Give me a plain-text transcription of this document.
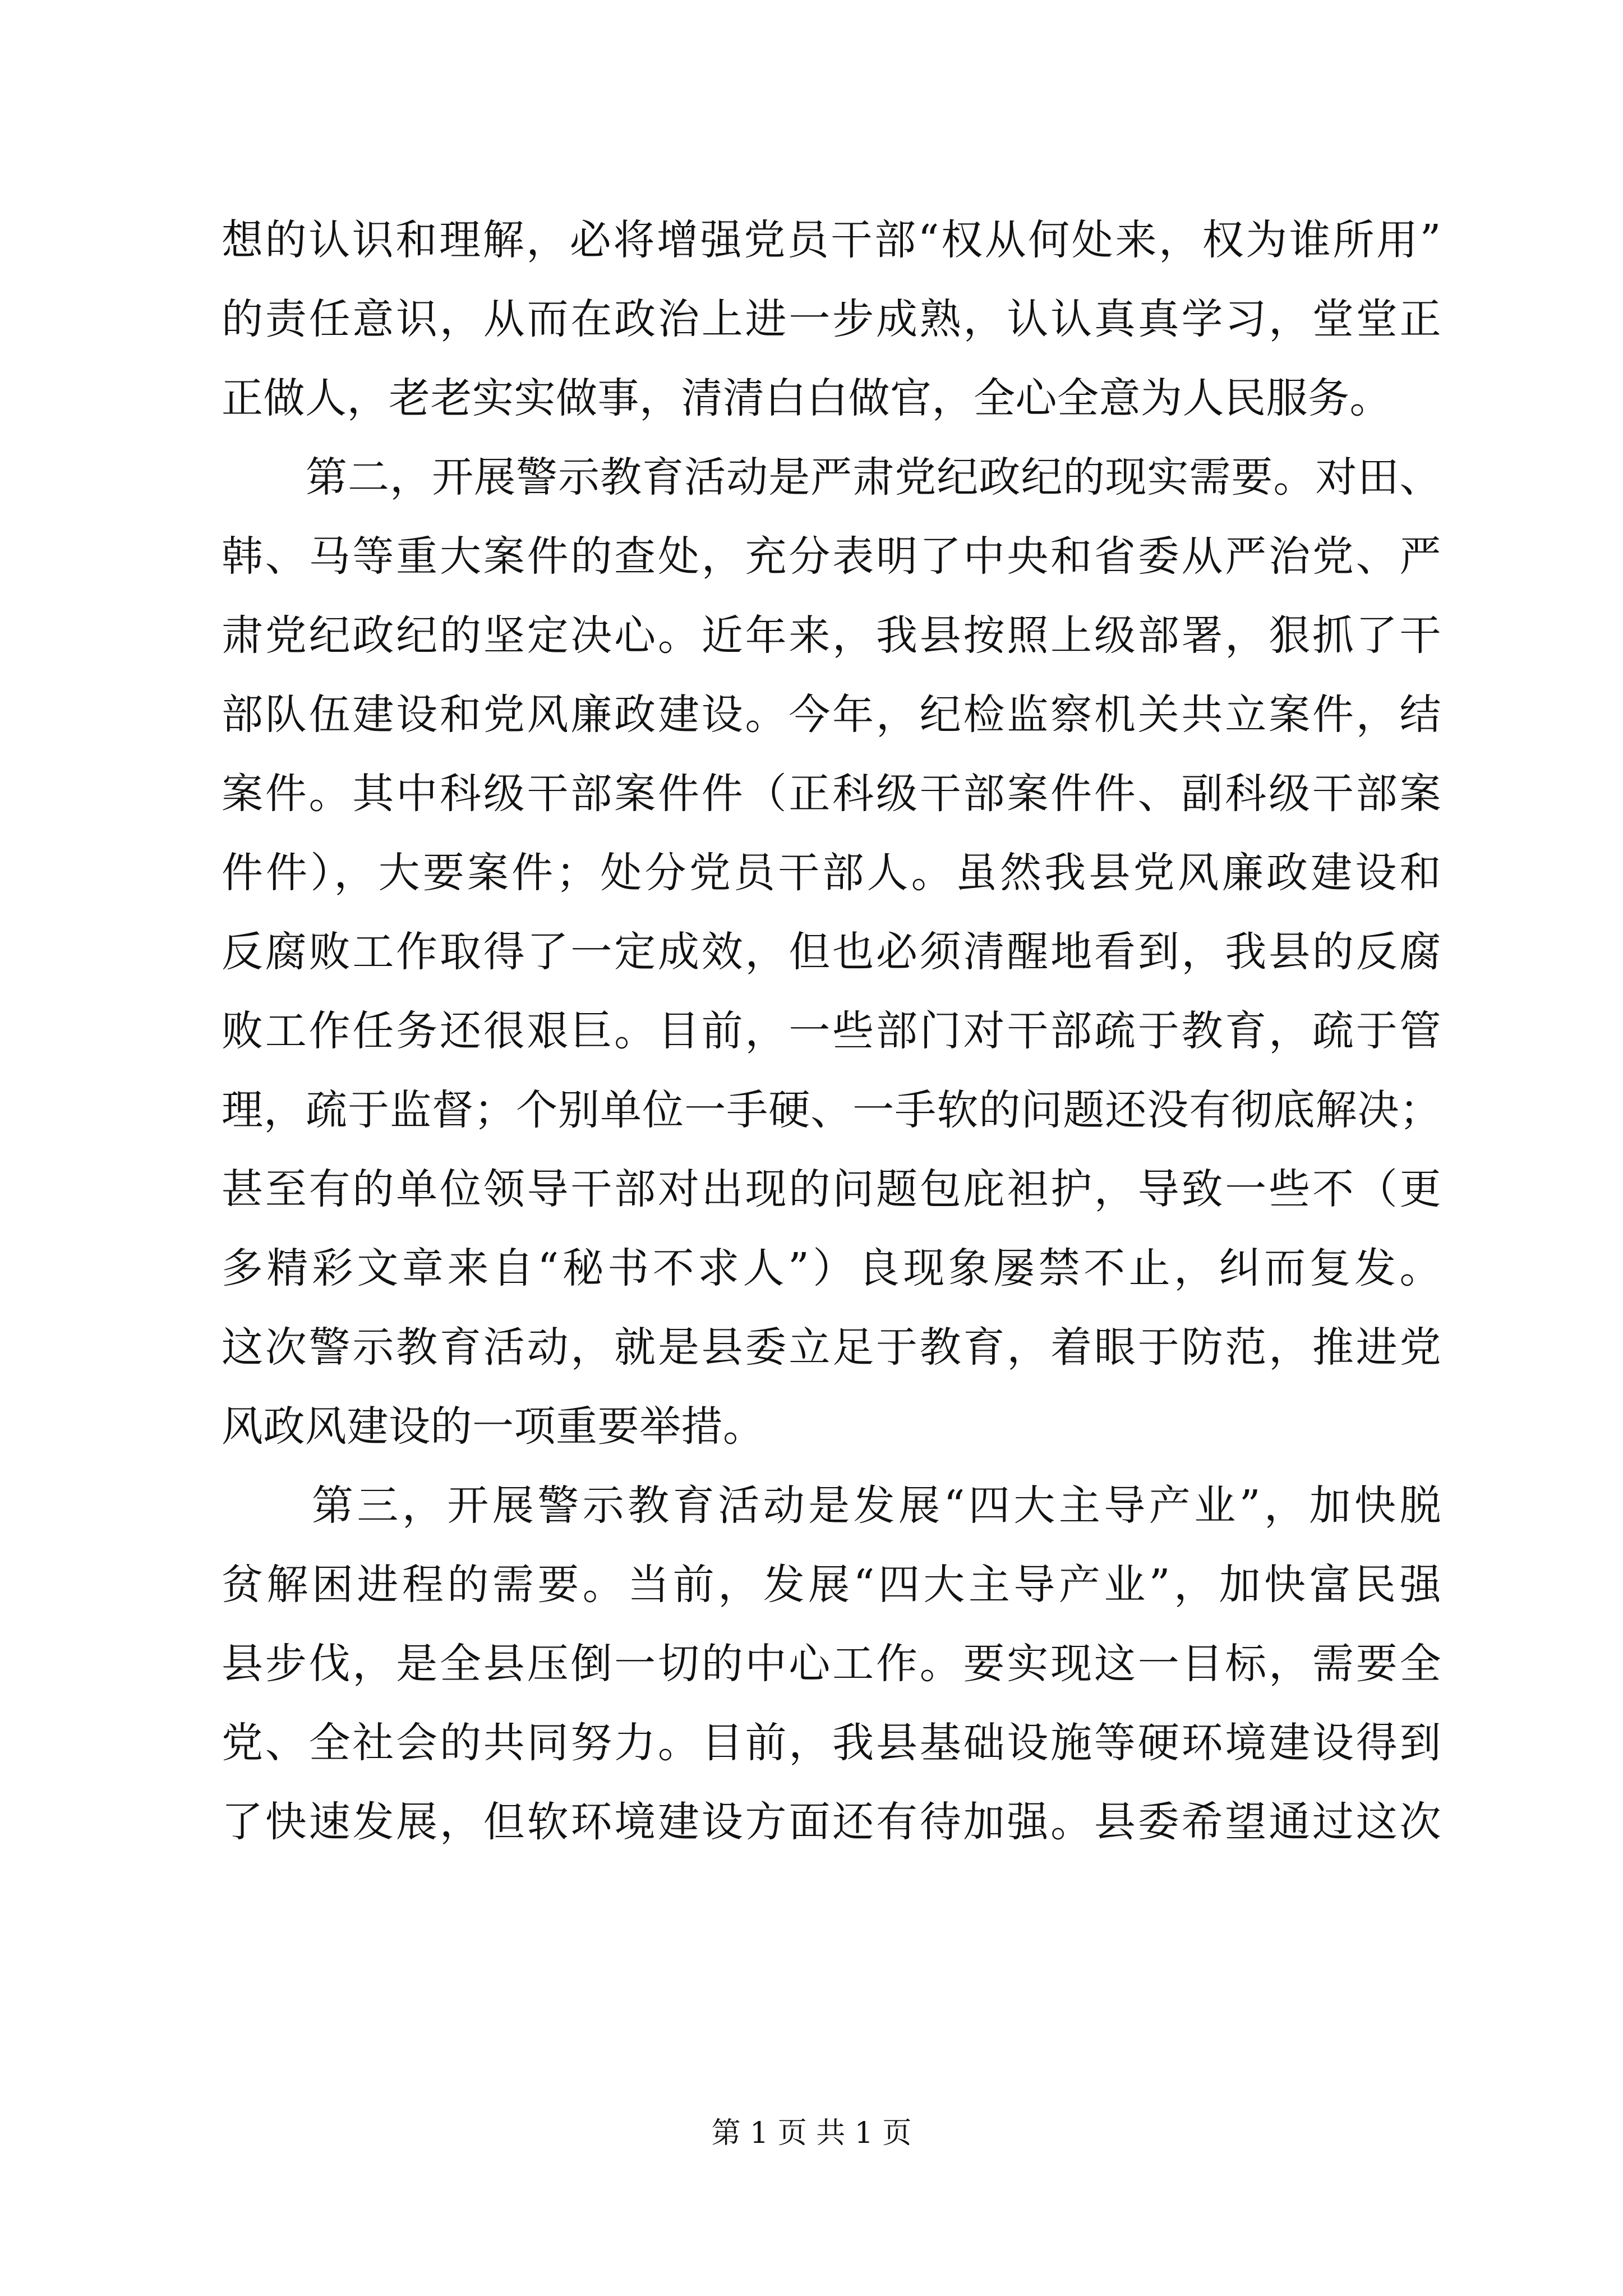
想的认识和理解，必将增强党员干部“权从何处来，权为谁所用”
的责任意识，从而在政治上进一步成熟，认认真真学习，堂堂正
正做人，老老实实做事，清清白白做官，全心全意为人民服务。
　　第二，开展警示教育活动是严肃党纪政纪的现实需要。对田、
韩、马等重大案件的查处，充分表明了中央和省委从严治党、严
肃党纪政纪的坚定决心。近年来，我县按照上级部署，狠抓了干
部队伍建设和党风廉政建设。今年，纪检监察机关共立案件，结
案件。其中科级干部案件件（正科级干部案件件、副科级干部案
件件），大要案件；处分党员干部人。虽然我县党风廉政建设和
反腐败工作取得了一定成效，但也必须清醒地看到，我县的反腐
败工作任务还很艰巨。目前，一些部门对干部疏于教育，疏于管
理，疏于监督；个别单位一手硬、一手软的问题还没有彻底解决；
甚至有的单位领导干部对出现的问题包庇袒护，导致一些不（更
多精彩文章来自“秘书不求人”）良现象屡禁不止，纠而复发。
这次警示教育活动，就是县委立足于教育，着眼于防范，推进党
风政风建设的一项重要举措。
　　第三，开展警示教育活动是发展“四大主导产业”，加快脱
贫解困进程的需要。当前，发展“四大主导产业”，加快富民强
县步伐，是全县压倒一切的中心工作。要实现这一目标，需要全
党、全社会的共同努力。目前，我县基础设施等硬环境建设得到
了快速发展，但软环境建设方面还有待加强。县委希望通过这次
第 1 页 共 1 页
